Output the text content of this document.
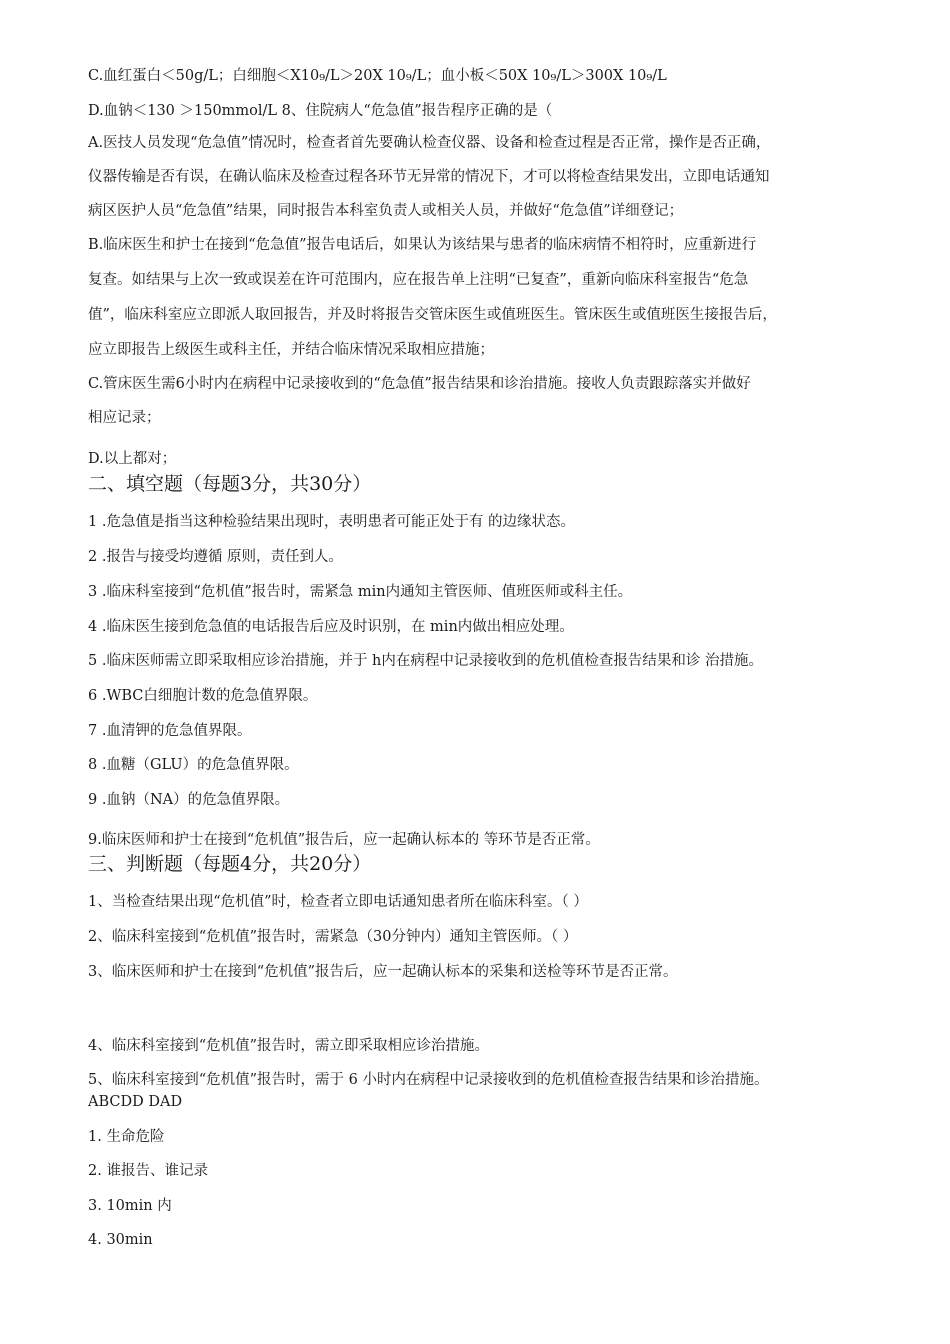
C.血红蛋白＜50g/L；白细胞＜X10₉/L＞20X 10₉/L；血小板＜50X 10₉/L＞300X 10₉/L
D.血钠＜130 ＞150mmol/L 8、住院病人“危急值”报告程序正确的是（
A.医技人员发现“危急值”情况时，检查者首先要确认检查仪器、设备和检查过程是否正常，操作是否正确，
仪器传输是否有误，在确认临床及检查过程各环节无异常的情况下，才可以将检查结果发出，立即电话通知
病区医护人员“危急值”结果，同时报告本科室负责人或相关人员，并做好“危急值”详细登记；
B.临床医生和护士在接到“危急值”报告电话后，如果认为该结果与患者的临床病情不相符时，应重新进行
复查。如结果与上次一致或误差在许可范围内，应在报告单上注明“已复查”，重新向临床科室报告“危急
值”，临床科室应立即派人取回报告，并及时将报告交管床医生或值班医生。管床医生或值班医生接报告后，
应立即报告上级医生或科主任，并结合临床情况采取相应措施；
C.管床医生需6小时内在病程中记录接收到的“危急值”报告结果和诊治措施。接收人负责跟踪落实并做好
相应记录；
D.以上都对；
二、填空题（每题3分，共30分）
1 .危急值是指当这种检验结果出现时，表明患者可能正处于有 的边缘状态。
2 .报告与接受均遵循 原则，责任到人。
3 .临床科室接到“危机值”报告时，需紧急 min内通知主管医师、值班医师或科主任。
4 .临床医生接到危急值的电话报告后应及时识别，在 min内做出相应处理。
5 .临床医师需立即采取相应诊治措施，并于 h内在病程中记录接收到的危机值检查报告结果和诊 治措施。
6 .WBC白细胞计数的危急值界限。
7 .血清钾的危急值界限。
8 .血糖（GLU）的危急值界限。
9 .血钠（NA）的危急值界限。
9.临床医师和护士在接到“危机值”报告后，应一起确认标本的 等环节是否正常。
三、判断题（每题4分，共20分）
1、当检查结果出现“危机值”时，检查者立即电话通知患者所在临床科室。（ ）
2、临床科室接到“危机值”报告时，需紧急（30分钟内）通知主管医师。（ ）
3、临床医师和护士在接到“危机值”报告后，应一起确认标本的采集和送检等环节是否正常。
4、临床科室接到“危机值”报告时，需立即采取相应诊治措施。
5、临床科室接到“危机值”报告时，需于 6 小时内在病程中记录接收到的危机值检查报告结果和诊治措施。
ABCDD DAD
1. 生命危险
2. 谁报告、谁记录
3. 10min 内
4. 30min
